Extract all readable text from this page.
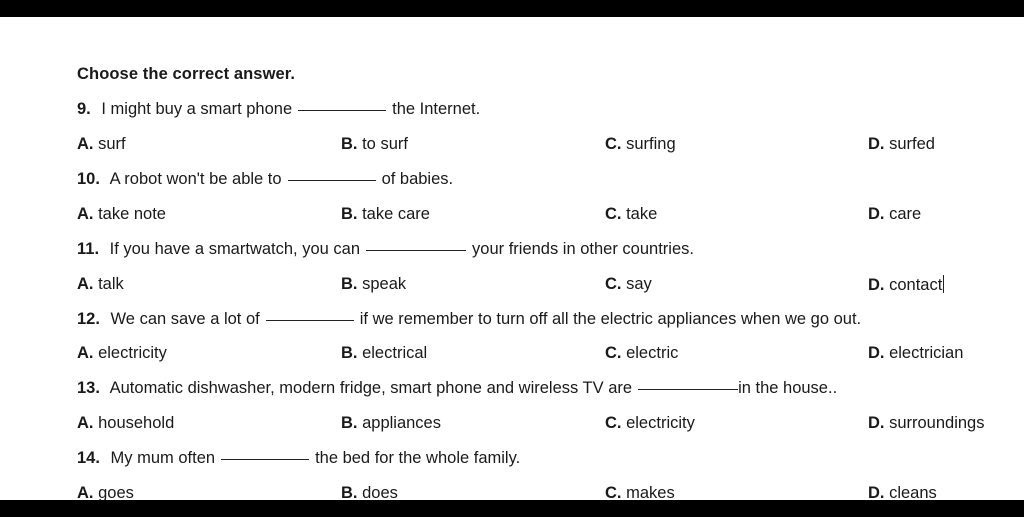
Choose the correct answer.
9. I might buy a smart phone	the Internet.
A. surf	B. to surf	C. surfing	D. surfed
10. A robot won't be able to	of babies.
A. take note	B. take care	C. take	D. care
11. If you have a smartwatch, you can	your friends in other countries.
A. talk	B. speak	C. say	D. contact
12. We can save a lot of	if we remember to turn off all the electric appliances when we go out.
A. electricity	B. electrical	C. electric	D. electrician
13. Automatic dishwasher, modern fridge, smart phone and wireless TV are	in the house..
A. household	B. appliances	C. electricity	D. surroundings
14. My mum often	the bed for the whole family.
A. goes	B. does	C. makes	D. cleans
